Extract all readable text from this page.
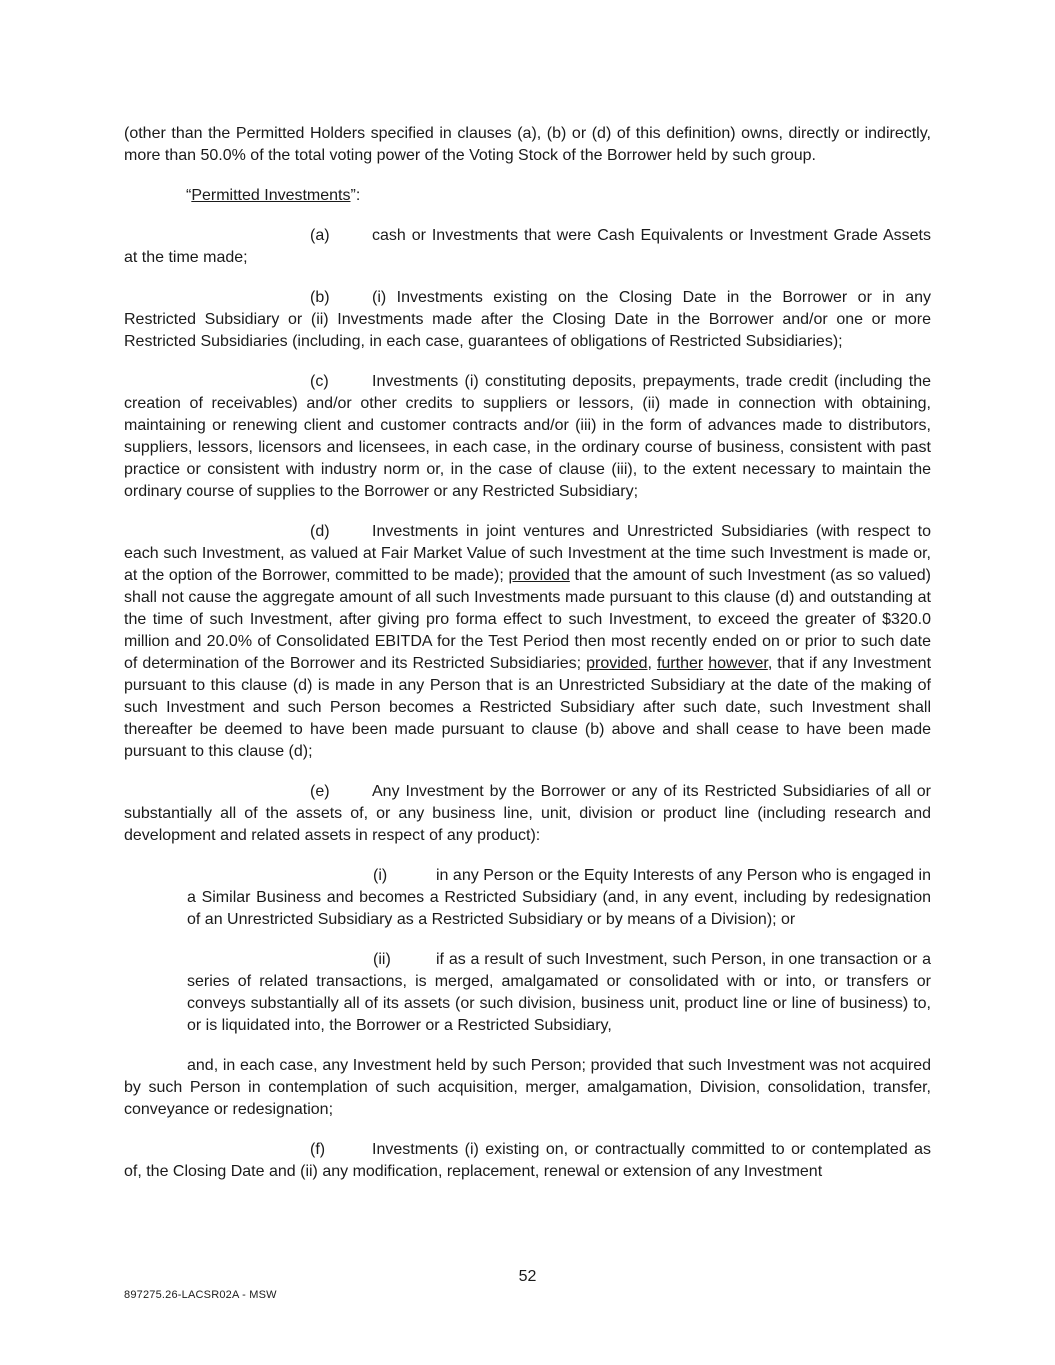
(other than the Permitted Holders specified in clauses (a), (b) or (d) of this definition) owns, directly or indirectly, more than 50.0% of the total voting power of the Voting Stock of the Borrower held by such group.

“Permitted Investments”:

(a)	cash or Investments that were Cash Equivalents or Investment Grade Assets at the time made;

(b)	(i) Investments existing on the Closing Date in the Borrower or in any Restricted Subsidiary or (ii) Investments made after the Closing Date in the Borrower and/or one or more Restricted Subsidiaries (including, in each case, guarantees of obligations of Restricted Subsidiaries);

(c)	Investments (i) constituting deposits, prepayments, trade credit (including the creation of receivables) and/or other credits to suppliers or lessors, (ii) made in connection with obtaining, maintaining or renewing client and customer contracts and/or (iii) in the form of advances made to distributors, suppliers, lessors, licensors and licensees, in each case, in the ordinary course of business, consistent with past practice or consistent with industry norm or, in the case of clause (iii), to the extent necessary to maintain the ordinary course of supplies to the Borrower or any Restricted Subsidiary;

(d)	Investments in joint ventures and Unrestricted Subsidiaries (with respect to each such Investment, as valued at Fair Market Value of such Investment at the time such Investment is made or, at the option of the Borrower, committed to be made); provided that the amount of such Investment (as so valued) shall not cause the aggregate amount of all such Investments made pursuant to this clause (d) and outstanding at the time of such Investment, after giving pro forma effect to such Investment, to exceed the greater of $320.0 million and 20.0% of Consolidated EBITDA for the Test Period then most recently ended on or prior to such date of determination of the Borrower and its Restricted Subsidiaries; provided, further however, that if any Investment pursuant to this clause (d) is made in any Person that is an Unrestricted Subsidiary at the date of the making of such Investment and such Person becomes a Restricted Subsidiary after such date, such Investment shall thereafter be deemed to have been made pursuant to clause (b) above and shall cease to have been made pursuant to this clause (d);

(e)	Any Investment by the Borrower or any of its Restricted Subsidiaries of all or substantially all of the assets of, or any business line, unit, division or product line (including research and development and related assets in respect of any product):

(i)	in any Person or the Equity Interests of any Person who is engaged in a Similar Business and becomes a Restricted Subsidiary (and, in any event, including by redesignation of an Unrestricted Subsidiary as a Restricted Subsidiary or by means of a Division); or

(ii)	if as a result of such Investment, such Person, in one transaction or a series of related transactions, is merged, amalgamated or consolidated with or into, or transfers or conveys substantially all of its assets (or such division, business unit, product line or line of business) to, or is liquidated into, the Borrower or a Restricted Subsidiary,

and, in each case, any Investment held by such Person; provided that such Investment was not acquired by such Person in contemplation of such acquisition, merger, amalgamation, Division, consolidation, transfer, conveyance or redesignation;

(f)	Investments (i) existing on, or contractually committed to or contemplated as of, the Closing Date and (ii) any modification, replacement, renewal or extension of any Investment

52
897275.26-LACSR02A - MSW
